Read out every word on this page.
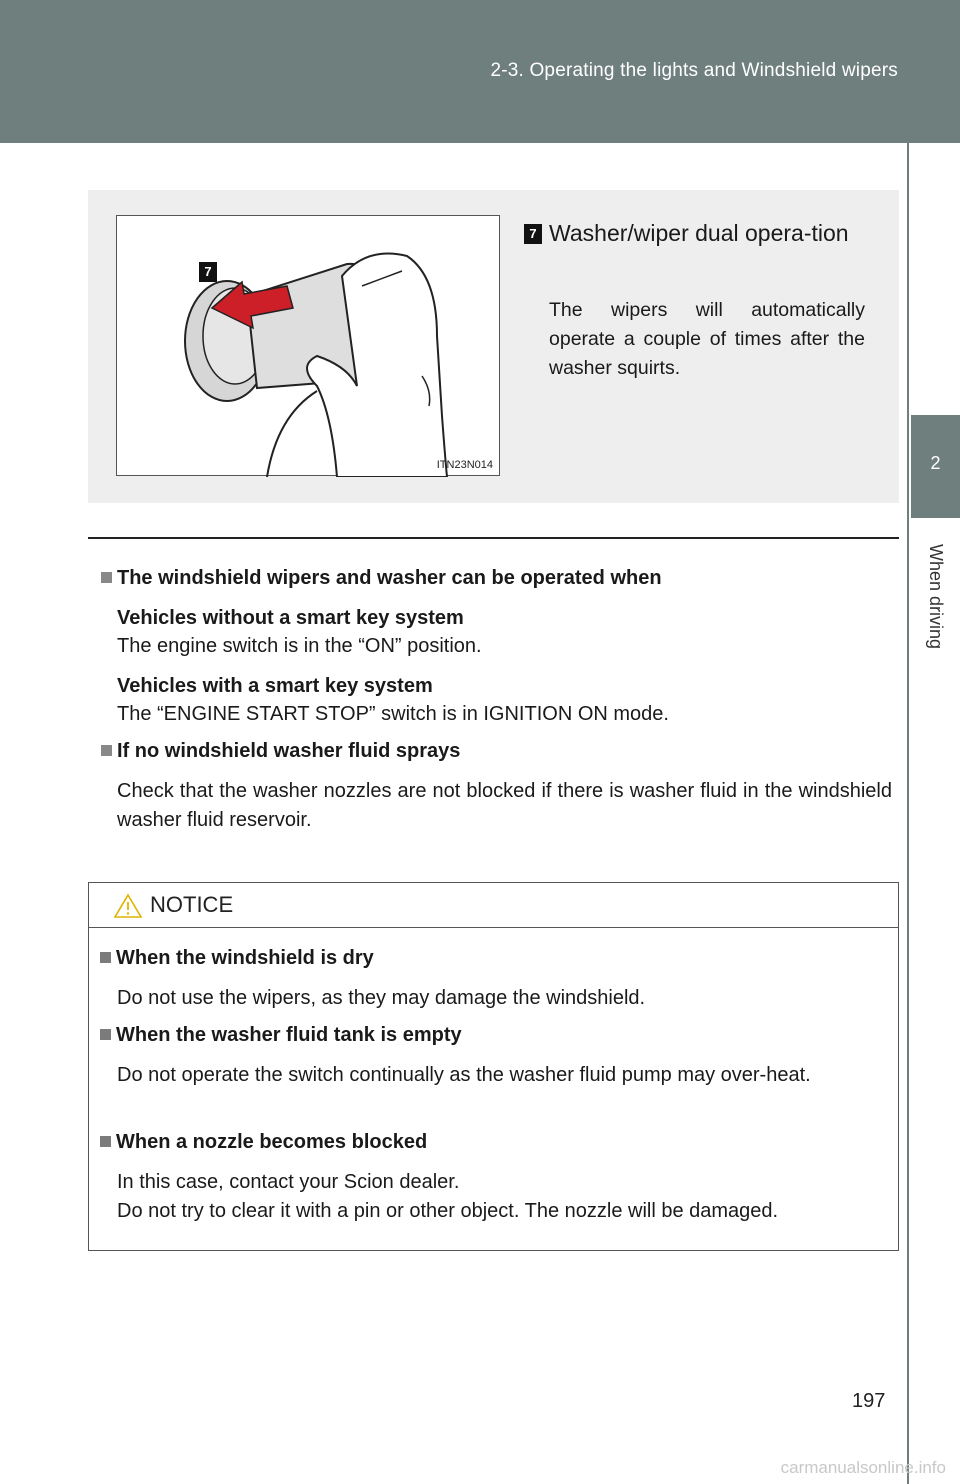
2-3. Operating the lights and Windshield wipers
2
When driving
7
ITN23N014
7 Washer/wiper dual opera-tion
The wipers will automatically operate a couple of times after the washer squirts.
The windshield wipers and washer can be operated when
Vehicles without a smart key system
The engine switch is in the “ON” position.
Vehicles with a smart key system
The “ENGINE START STOP” switch is in IGNITION ON mode.
If no windshield washer fluid sprays
Check that the washer nozzles are not blocked if there is washer fluid in the windshield washer fluid reservoir.
NOTICE
When the windshield is dry
Do not use the wipers, as they may damage the windshield.
When the washer fluid tank is empty
Do not operate the switch continually as the washer fluid pump may over-heat.
When a nozzle becomes blocked
In this case, contact your Scion dealer.
Do not try to clear it with a pin or other object. The nozzle will be damaged.
197
carmanualsonline.info
